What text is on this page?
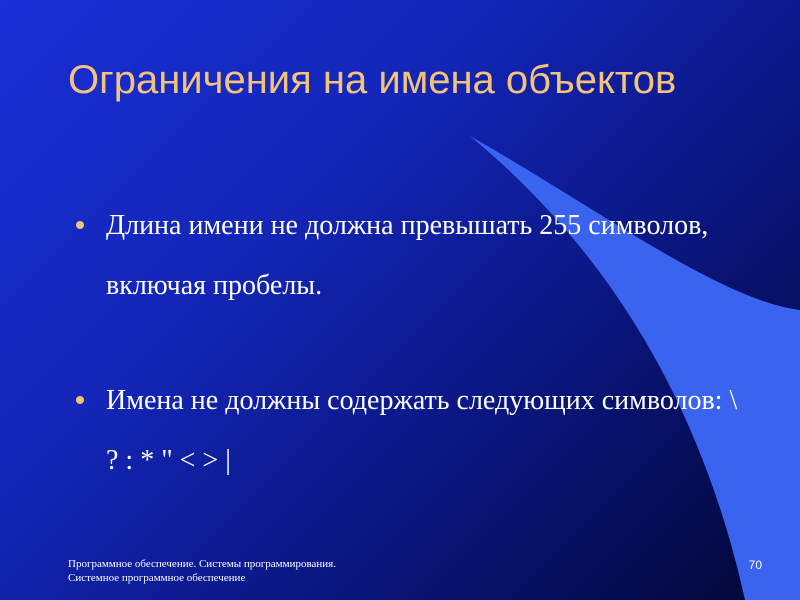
Ограничения на имена объектов
Длина имени не должна превышать 255 символов, включая пробелы.
Имена не должны содержать следующих символов: \ ? : * " < > |
Программное обеспечение. Системы программирования. Системное программное обеспечение
70
